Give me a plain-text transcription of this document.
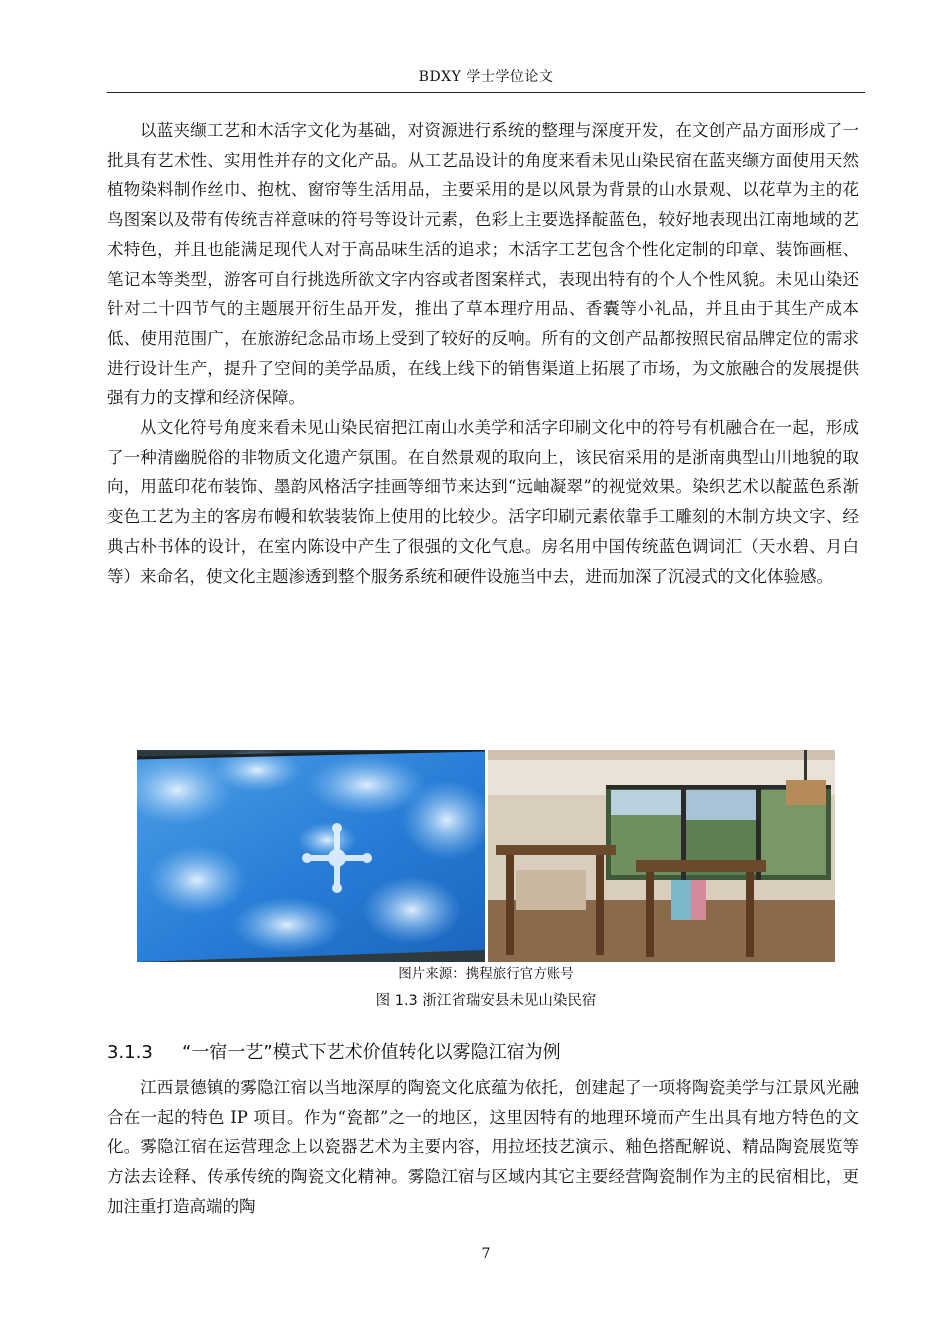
BDXY 学士学位论文

以蓝夹缬工艺和木活字文化为基础，对资源进行系统的整理与深度开发，在文创产品方面形成了一批具有艺术性、实用性并存的文化产品。从工艺品设计的角度来看未见山染民宿在蓝夹缬方面使用天然植物染料制作丝巾、抱枕、窗帘等生活用品，主要采用的是以风景为背景的山水景观、以花草为主的花鸟图案以及带有传统吉祥意味的符号等设计元素，色彩上主要选择靛蓝色，较好地表现出江南地域的艺术特色，并且也能满足现代人对于高品味生活的追求；木活字工艺包含个性化定制的印章、装饰画框、笔记本等类型，游客可自行挑选所欲文字内容或者图案样式，表现出特有的个人个性风貌。未见山染还针对二十四节气的主题展开衍生品开发，推出了草本理疗用品、香囊等小礼品，并且由于其生产成本低、使用范围广，在旅游纪念品市场上受到了较好的反响。所有的文创产品都按照民宿品牌定位的需求进行设计生产，提升了空间的美学品质，在线上线下的销售渠道上拓展了市场，为文旅融合的发展提供强有力的支撑和经济保障。

从文化符号角度来看未见山染民宿把江南山水美学和活字印刷文化中的符号有机融合在一起，形成了一种清幽脱俗的非物质文化遗产氛围。在自然景观的取向上，该民宿采用的是浙南典型山川地貌的取向，用蓝印花布装饰、墨韵风格活字挂画等细节来达到“远岫凝翠”的视觉效果。染织艺术以靛蓝色系渐变色工艺为主的客房布幔和软装装饰上使用的比较少。活字印刷元素依靠手工雕刻的木制方块文字、经典古朴书体的设计，在室内陈设中产生了很强的文化气息。房名用中国传统蓝色调词汇（天水碧、月白等）来命名，使文化主题渗透到整个服务系统和硬件设施当中去，进而加深了沉浸式的文化体验感。

图片来源：携程旅行官方账号
图 1.3 浙江省瑞安县未见山染民宿
3.1.3 “一宿一艺”模式下艺术价值转化以雾隐江宿为例

江西景德镇的雾隐江宿以当地深厚的陶瓷文化底蕴为依托，创建起了一项将陶瓷美学与江景风光融合在一起的特色 IP 项目。作为“瓷都”之一的地区，这里因特有的地理环境而产生出具有地方特色的文化。雾隐江宿在运营理念上以瓷器艺术为主要内容，用拉坯技艺演示、釉色搭配解说、精品陶瓷展览等方法去诠释、传承传统的陶瓷文化精神。雾隐江宿与区域内其它主要经营陶瓷制作为主的民宿相比，更加注重打造高端的陶

7
